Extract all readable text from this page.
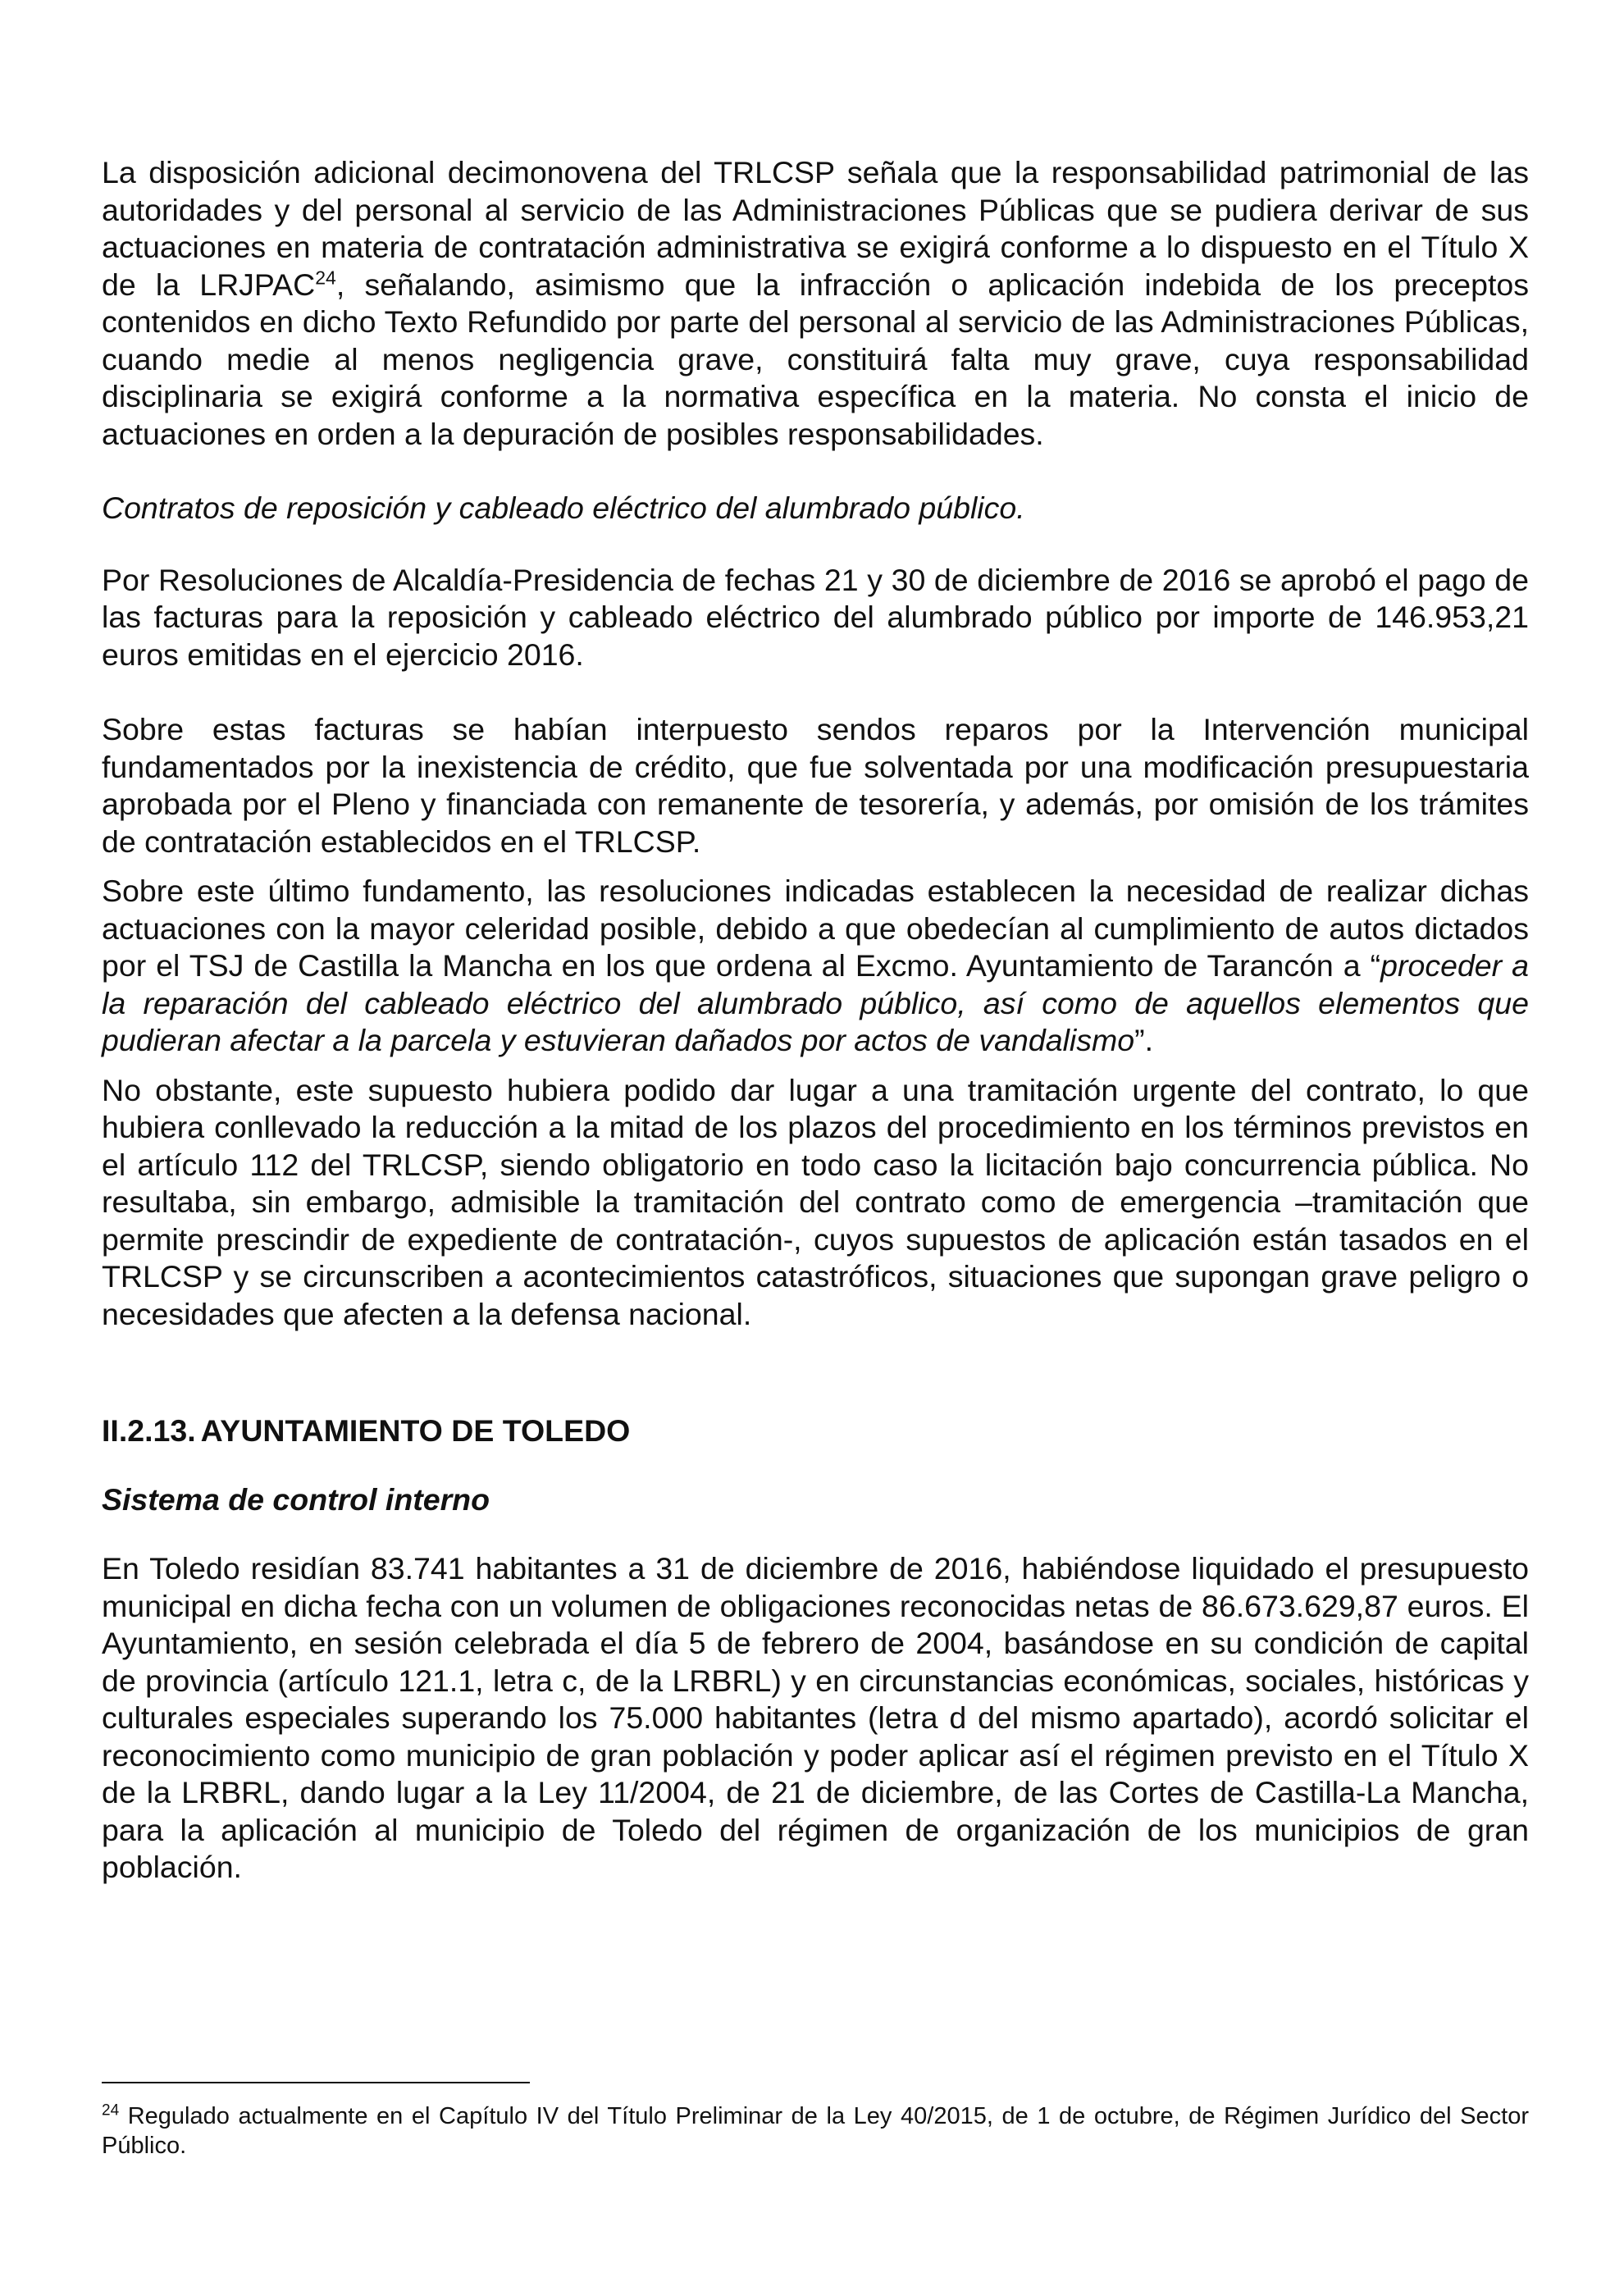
La disposición adicional decimonovena del TRLCSP señala que la responsabilidad patrimonial de las autoridades y del personal al servicio de las Administraciones Públicas que se pudiera derivar de sus actuaciones en materia de contratación administrativa se exigirá conforme a lo dispuesto en el Título X de la LRJPAC$^{24}$, señalando, asimismo que la infracción o aplicación indebida de los preceptos contenidos en dicho Texto Refundido por parte del personal al servicio de las Administraciones Públicas, cuando medie al menos negligencia grave, constituirá falta muy grave, cuya responsabilidad disciplinaria se exigirá conforme a la normativa específica en la materia. No consta el inicio de actuaciones en orden a la depuración de posibles responsabilidades.

Contratos de reposición y cableado eléctrico del alumbrado público.

Por Resoluciones de Alcaldía-Presidencia de fechas 21 y 30 de diciembre de 2016 se aprobó el pago de las facturas para la reposición y cableado eléctrico del alumbrado público por importe de 146.953,21 euros emitidas en el ejercicio 2016.

Sobre estas facturas se habían interpuesto sendos reparos por la Intervención municipal fundamentados por la inexistencia de crédito, que fue solventada por una modificación presupuestaria aprobada por el Pleno y financiada con remanente de tesorería, y además, por omisión de los trámites de contratación establecidos en el TRLCSP.

Sobre este último fundamento, las resoluciones indicadas establecen la necesidad de realizar dichas actuaciones con la mayor celeridad posible, debido a que obedecían al cumplimiento de autos dictados por el TSJ de Castilla la Mancha en los que ordena al Excmo. Ayuntamiento de Tarancón a “proceder a la reparación del cableado eléctrico del alumbrado público, así como de aquellos elementos que pudieran afectar a la parcela y estuvieran dañados por actos de vandalismo”.

No obstante, este supuesto hubiera podido dar lugar a una tramitación urgente del contrato, lo que hubiera conllevado la reducción a la mitad de los plazos del procedimiento en los términos previstos en el artículo 112 del TRLCSP, siendo obligatorio en todo caso la licitación bajo concurrencia pública. No resultaba, sin embargo, admisible la tramitación del contrato como de emergencia –tramitación que permite prescindir de expediente de contratación-, cuyos supuestos de aplicación están tasados en el TRLCSP y se circunscriben a acontecimientos catastróficos, situaciones que supongan grave peligro o necesidades que afecten a la defensa nacional.

II.2.13. AYUNTAMIENTO DE TOLEDO
Sistema de control interno

En Toledo residían 83.741 habitantes a 31 de diciembre de 2016, habiéndose liquidado el presupuesto municipal en dicha fecha con un volumen de obligaciones reconocidas netas de 86.673.629,87 euros. El Ayuntamiento, en sesión celebrada el día 5 de febrero de 2004, basándose en su condición de capital de provincia (artículo 121.1, letra c, de la LRBRL) y en circunstancias económicas, sociales, históricas y culturales especiales superando los 75.000 habitantes (letra d del mismo apartado), acordó solicitar el reconocimiento como municipio de gran población y poder aplicar así el régimen previsto en el Título X de la LRBRL, dando lugar a la Ley 11/2004, de 21 de diciembre, de las Cortes de Castilla-La Mancha, para la aplicación al municipio de Toledo del régimen de organización de los municipios de gran población.

$^{24}$ Regulado actualmente en el Capítulo IV del Título Preliminar de la Ley 40/2015, de 1 de octubre, de Régimen Jurídico del Sector Público.
